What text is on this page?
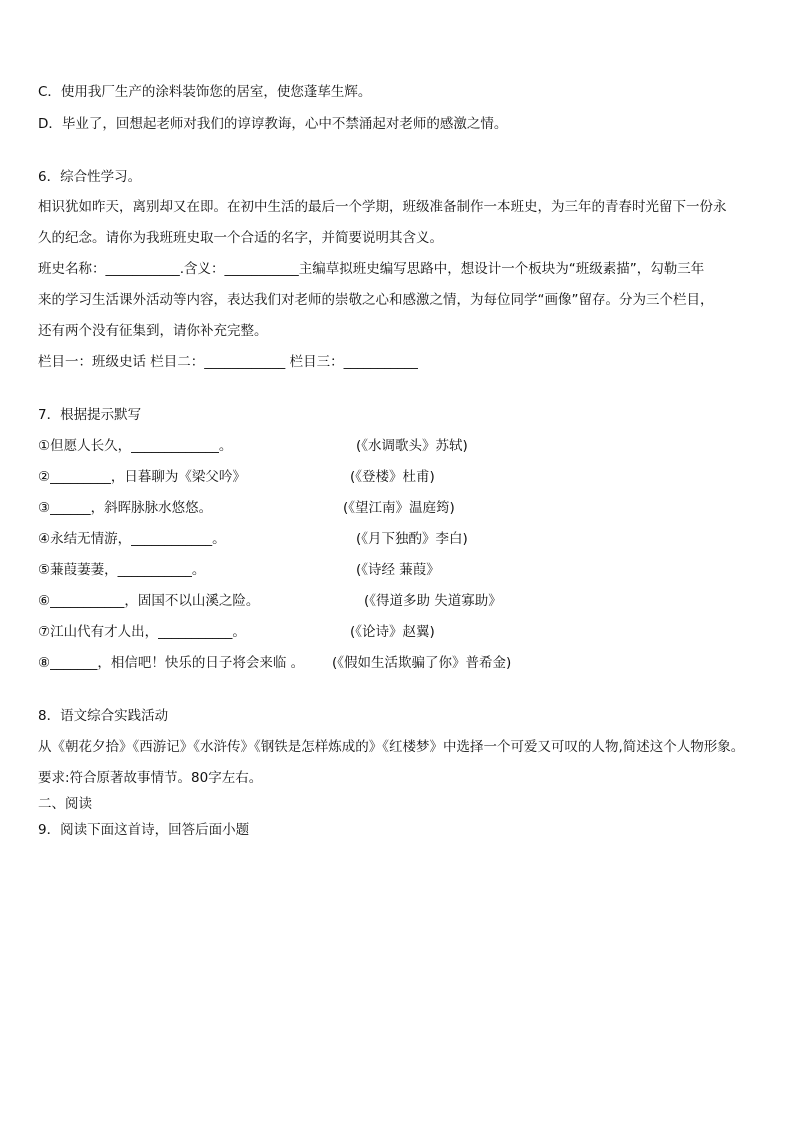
C．使用我厂生产的涂料装饰您的居室，使您蓬荜生辉。
D．毕业了，回想起老师对我们的谆谆教诲，心中不禁涌起对老师的感激之情。
6．综合性学习。
相识犹如昨天，离别却又在即。在初中生活的最后一个学期，班级准备制作一本班史，为三年的青春时光留下一份永
久的纪念。请你为我班班史取一个合适的名字，并简要说明其含义。
班史名称：___________.含义：___________主编草拟班史编写思路中，想设计一个板块为“班级素描”，勾勒三年
来的学习生活课外活动等内容，表达我们对老师的崇敬之心和感激之情，为每位同学“画像”留存。分为三个栏目，
还有两个没有征集到，请你补充完整。
栏目一：班级史话 栏目二：____________ 栏目三：___________
7．根据提示默写
①但愿人长久，_____________。	(《水调歌头》苏轼)
②_________，日暮聊为《梁父吟》	(《登楼》杜甫)
③______，斜晖脉脉水悠悠。	(《望江南》温庭筠)
④永结无情游，____________。	(《月下独酌》李白)
⑤蒹葭萋萋，___________。	(《诗经 蒹葭》
⑥___________，固国不以山溪之险。	(《得道多助 失道寡助》
⑦江山代有才人出，___________。	(《论诗》赵翼)
⑧_______，相信吧！快乐的日子将会来临 。 (《假如生活欺骗了你》普希金)
8．语文综合实践活动
从《朝花夕拾》《西游记》《水浒传》《钢铁是怎样炼成的》《红楼梦》中选择一个可爱又可叹的人物,简述这个人物形象。
要求:符合原著故事情节。80字左右。
二、阅读
9．阅读下面这首诗，回答后面小题
